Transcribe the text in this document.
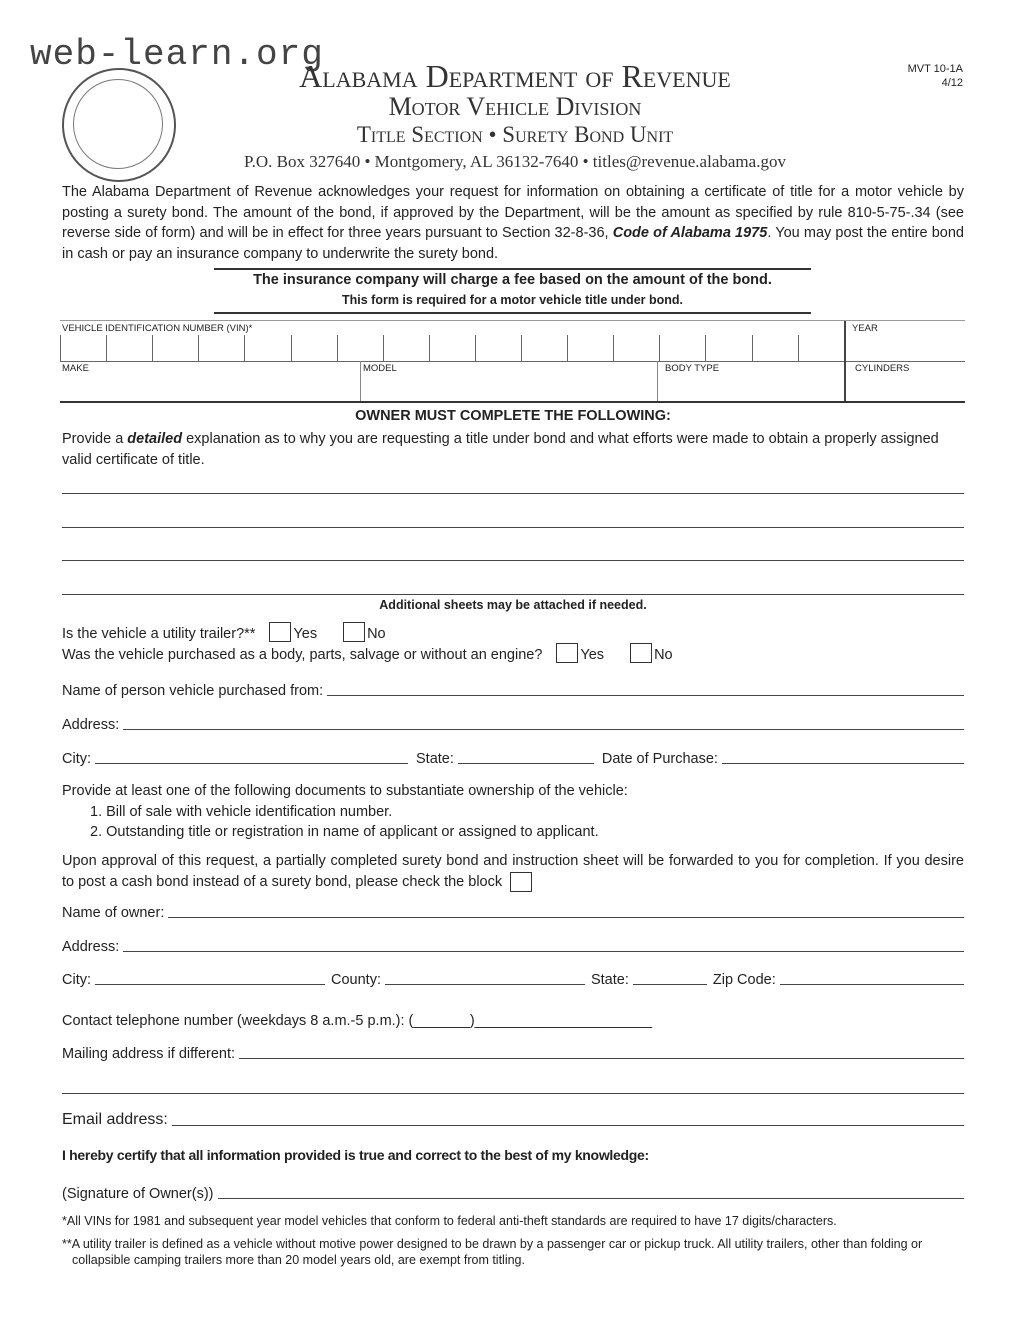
web-learn.org
Alabama Department of Revenue
Motor Vehicle Division
Title Section • Surety Bond Unit
P.O. Box 327640 • Montgomery, AL 36132-7640 • titles@revenue.alabama.gov
MVT 10-1A
4/12
The Alabama Department of Revenue acknowledges your request for information on obtaining a certificate of title for a motor vehicle by posting a surety bond. The amount of the bond, if approved by the Department, will be the amount as specified by rule 810-5-75-.34 (see reverse side of form) and will be in effect for three years pursuant to Section 32-8-36, Code of Alabama 1975. You may post the entire bond in cash or pay an insurance company to underwrite the surety bond.
The insurance company will charge a fee based on the amount of the bond.
This form is required for a motor vehicle title under bond.
VEHICLE IDENTIFICATION NUMBER (VIN)*	YEAR
MAKE	MODEL	BODY TYPE	CYLINDERS
OWNER MUST COMPLETE THE FOLLOWING:
Provide a detailed explanation as to why you are requesting a title under bond and what efforts were made to obtain a properly assigned valid certificate of title.
Additional sheets may be attached if needed.
Is the vehicle a utility trailer?**	Yes	No
Was the vehicle purchased as a body, parts, salvage or without an engine?	Yes	No
Name of person vehicle purchased from:
Address:
City:	State:	Date of Purchase:
Provide at least one of the following documents to substantiate ownership of the vehicle:
1. Bill of sale with vehicle identification number.
2. Outstanding title or registration in name of applicant or assigned to applicant.
Upon approval of this request, a partially completed surety bond and instruction sheet will be forwarded to you for completion. If you desire to post a cash bond instead of a surety bond, please check the block
Name of owner:
Address:
City:	County:	State:	Zip Code:
Contact telephone number (weekdays 8 a.m.-5 p.m.): (_______)______________________
Mailing address if different:
Email address:
I hereby certify that all information provided is true and correct to the best of my knowledge:
(Signature of Owner(s))
*All VINs for 1981 and subsequent year model vehicles that conform to federal anti-theft standards are required to have 17 digits/characters.
**A utility trailer is defined as a vehicle without motive power designed to be drawn by a passenger car or pickup truck. All utility trailers, other than folding or collapsible camping trailers more than 20 model years old, are exempt from titling.
